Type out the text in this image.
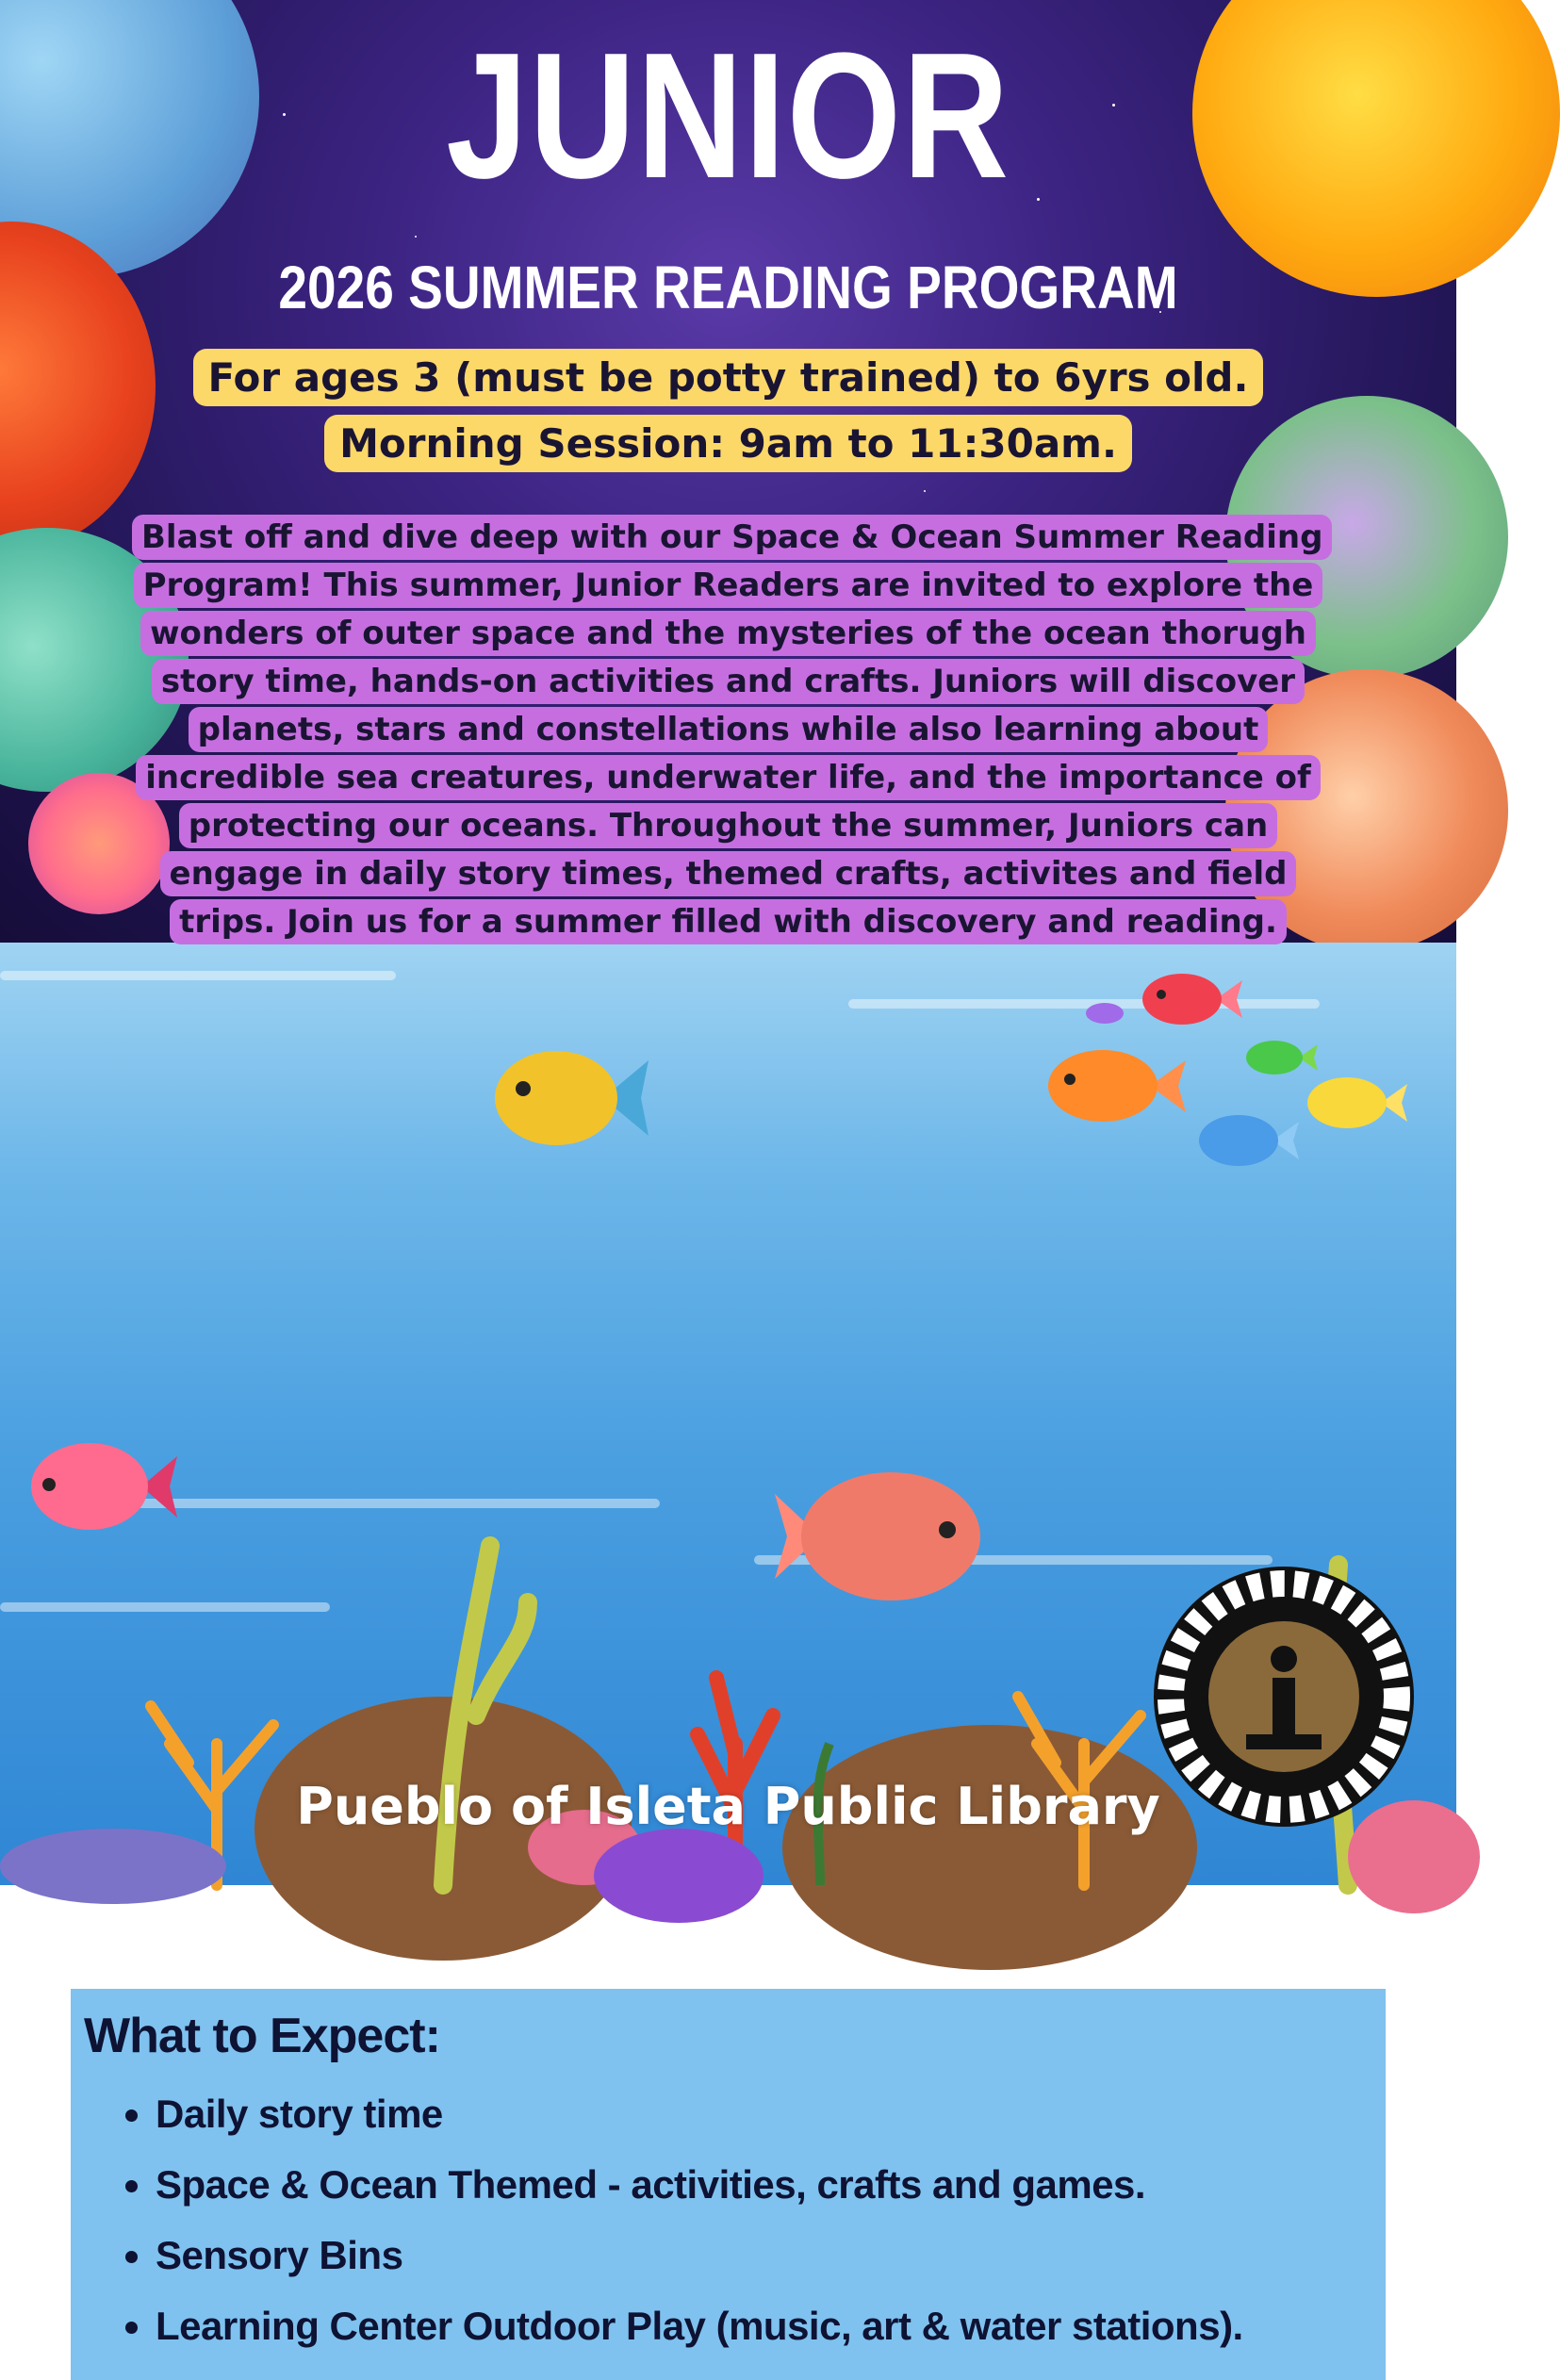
JUNIOR
2026 SUMMER READING PROGRAM
For ages 3 (must be potty trained) to 6yrs old.
Morning Session: 9am to 11:30am.
What to Expect:
• Daily story time
• Space & Ocean Themed - activities, crafts and games.
• Sensory Bins
• Learning Center Outdoor Play (music, art & water stations).
Blast off and dive deep with our Space & Ocean Summer Reading Program! This summer, Junior Readers are invited to explore the wonders of outer space and the mysteries of the ocean thorugh story time, hands-on activities and crafts. Juniors will discover planets, stars and constellations while also learning about incredible sea creatures, underwater life, and the importance of protecting our oceans. Throughout the summer, Juniors can engage in daily story times, themed crafts, activites and field trips. Join us for a summer filled with discovery and reading.
Pueblo of Isleta Public Library
